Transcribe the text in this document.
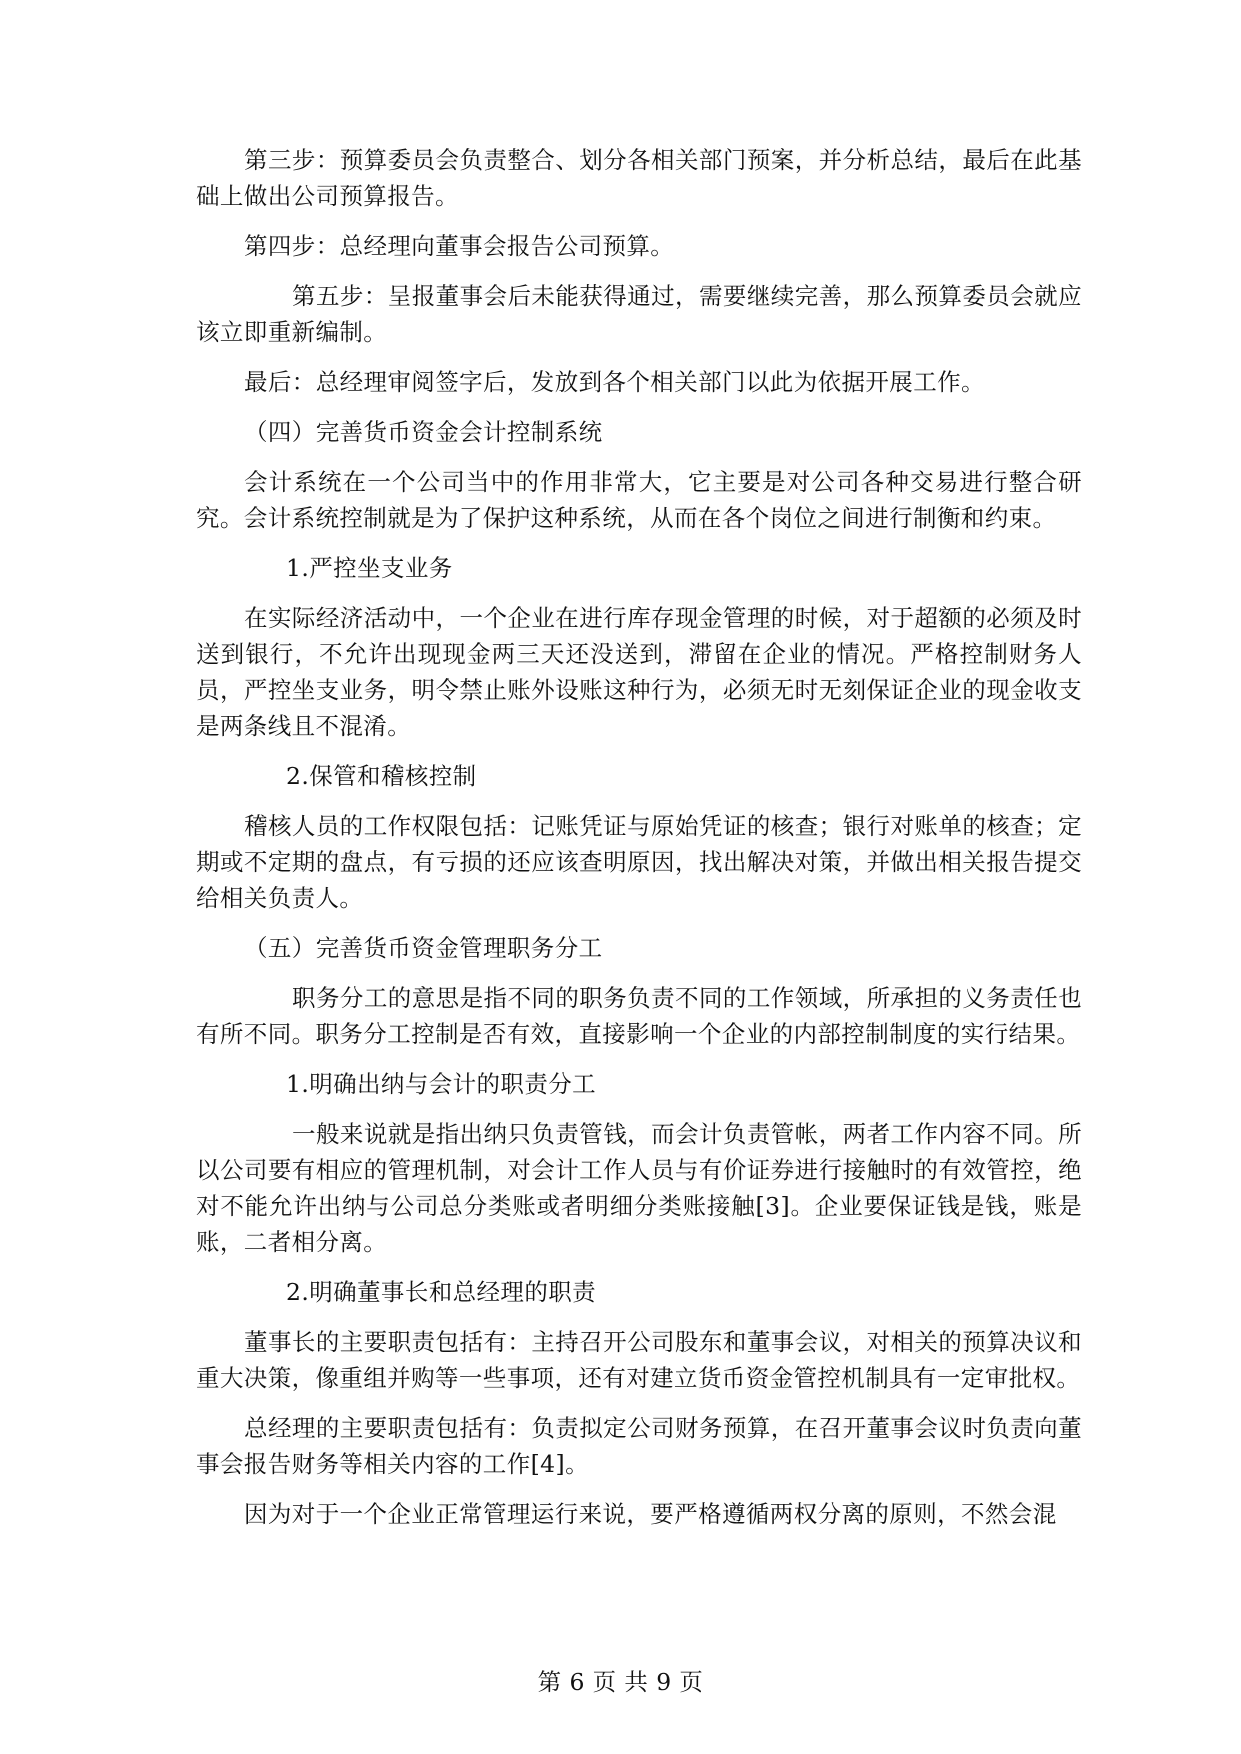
第三步：预算委员会负责整合、划分各相关部门预案，并分析总结，最后在此基础上做出公司预算报告。

第四步：总经理向董事会报告公司预算。

第五步：呈报董事会后未能获得通过，需要继续完善，那么预算委员会就应该立即重新编制。

最后：总经理审阅签字后，发放到各个相关部门以此为依据开展工作。

（四）完善货币资金会计控制系统

会计系统在一个公司当中的作用非常大，它主要是对公司各种交易进行整合研究。会计系统控制就是为了保护这种系统，从而在各个岗位之间进行制衡和约束。

1.严控坐支业务

在实际经济活动中，一个企业在进行库存现金管理的时候，对于超额的必须及时送到银行，不允许出现现金两三天还没送到，滞留在企业的情况。严格控制财务人员，严控坐支业务，明令禁止账外设账这种行为，必须无时无刻保证企业的现金收支是两条线且不混淆。

2.保管和稽核控制

稽核人员的工作权限包括：记账凭证与原始凭证的核查；银行对账单的核查；定期或不定期的盘点，有亏损的还应该查明原因，找出解决对策，并做出相关报告提交给相关负责人。

（五）完善货币资金管理职务分工

职务分工的意思是指不同的职务负责不同的工作领域，所承担的义务责任也有所不同。职务分工控制是否有效，直接影响一个企业的内部控制制度的实行结果。

1.明确出纳与会计的职责分工

一般来说就是指出纳只负责管钱，而会计负责管帐，两者工作内容不同。所以公司要有相应的管理机制，对会计工作人员与有价证券进行接触时的有效管控，绝对不能允许出纳与公司总分类账或者明细分类账接触[3]。企业要保证钱是钱，账是账，二者相分离。

2.明确董事长和总经理的职责

董事长的主要职责包括有：主持召开公司股东和董事会议，对相关的预算决议和重大决策，像重组并购等一些事项，还有对建立货币资金管控机制具有一定审批权。

总经理的主要职责包括有：负责拟定公司财务预算，在召开董事会议时负责向董事会报告财务等相关内容的工作[4]。

因为对于一个企业正常管理运行来说，要严格遵循两权分离的原则，不然会混

第 6 页 共 9 页
